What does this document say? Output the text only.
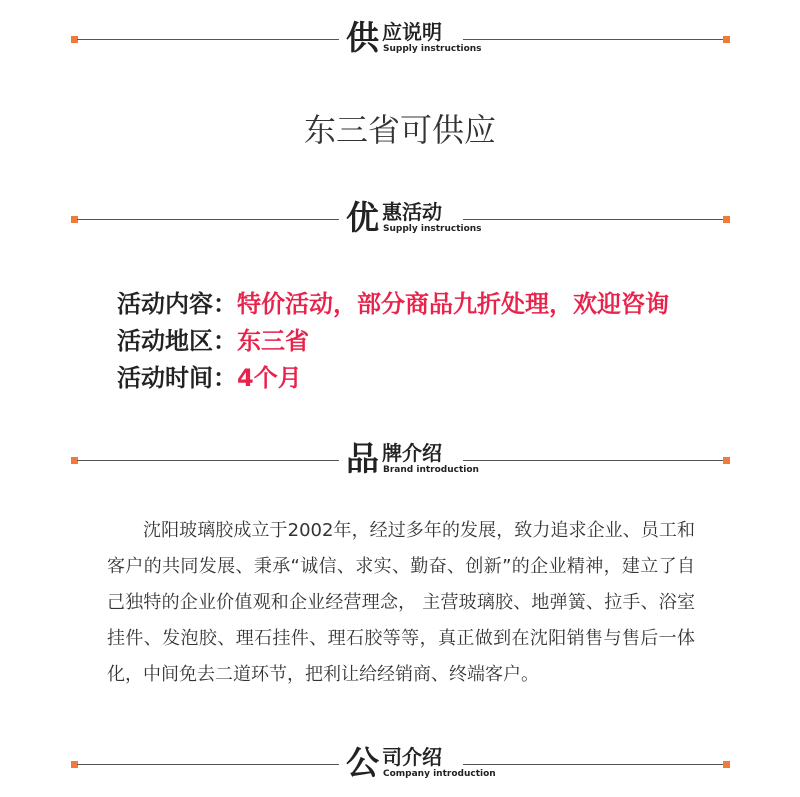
供 应说明
Supply instructions
东三省可供应
优 惠活动
Supply instructions
活动内容：特价活动，部分商品九折处理，欢迎咨询
活动地区：东三省
活动时间：4个月
品 牌介绍
Brand introduction

沈阳玻璃胶成立于2002年，经过多年的发展，致力追求企业、员工和客户的共同发展、秉承“诚信、求实、勤奋、创新”的企业精神，建立了自己独特的企业价值观和企业经营理念， 主营玻璃胶、地弹簧、拉手、浴室挂件、发泡胶、理石挂件、理石胶等等，真正做到在沈阳销售与售后一体化，中间免去二道环节，把利让给经销商、终端客户。

公 司介绍
Company introduction
